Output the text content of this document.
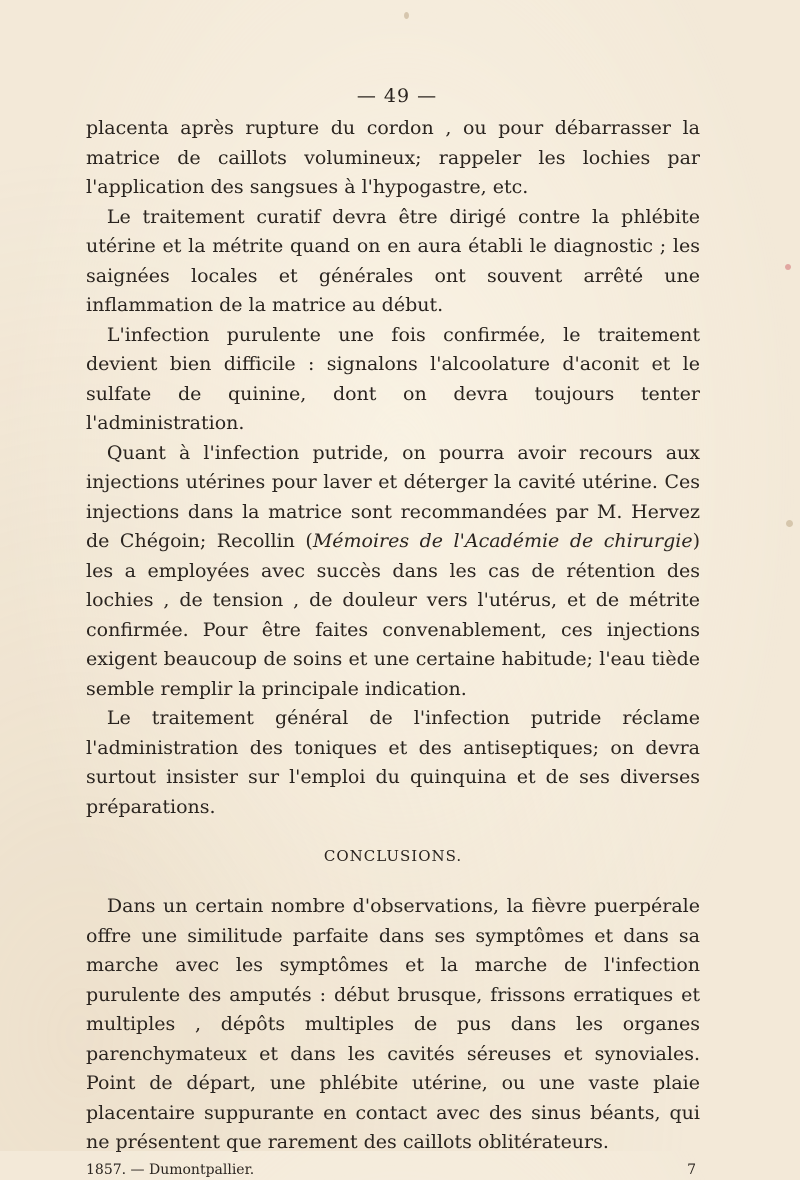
— 49 —

placenta après rupture du cordon , ou pour débarrasser la matrice de caillots volumineux; rappeler les lochies par l'application des sangsues à l'hypogastre, etc.

Le traitement curatif devra être dirigé contre la phlébite utérine et la métrite quand on en aura établi le diagnostic ; les saignées locales et générales ont souvent arrêté une inflammation de la matrice au début.

L'infection purulente une fois confirmée, le traitement devient bien difficile : signalons l'alcoolature d'aconit et le sulfate de quinine, dont on devra toujours tenter l'administration.

Quant à l'infection putride, on pourra avoir recours aux injections utérines pour laver et déterger la cavité utérine. Ces injections dans la matrice sont recommandées par M. Hervez de Chégoin; Recollin (Mémoires de l'Académie de chirurgie) les a employées avec succès dans les cas de rétention des lochies , de tension , de douleur vers l'utérus, et de métrite confirmée. Pour être faites convenablement, ces injections exigent beaucoup de soins et une certaine habitude; l'eau tiède semble remplir la principale indication.

Le traitement général de l'infection putride réclame l'administration des toniques et des antiseptiques; on devra surtout insister sur l'emploi du quinquina et de ses diverses préparations.

CONCLUSIONS.

Dans un certain nombre d'observations, la fièvre puerpérale offre une similitude parfaite dans ses symptômes et dans sa marche avec les symptômes et la marche de l'infection purulente des amputés : début brusque, frissons erratiques et multiples , dépôts multiples de pus dans les organes parenchymateux et dans les cavités séreuses et synoviales. Point de départ, une phlébite utérine, ou une vaste plaie placentaire suppurante en contact avec des sinus béants, qui ne présentent que rarement des caillots oblitérateurs.

1857. — Dumontpallier.	7
